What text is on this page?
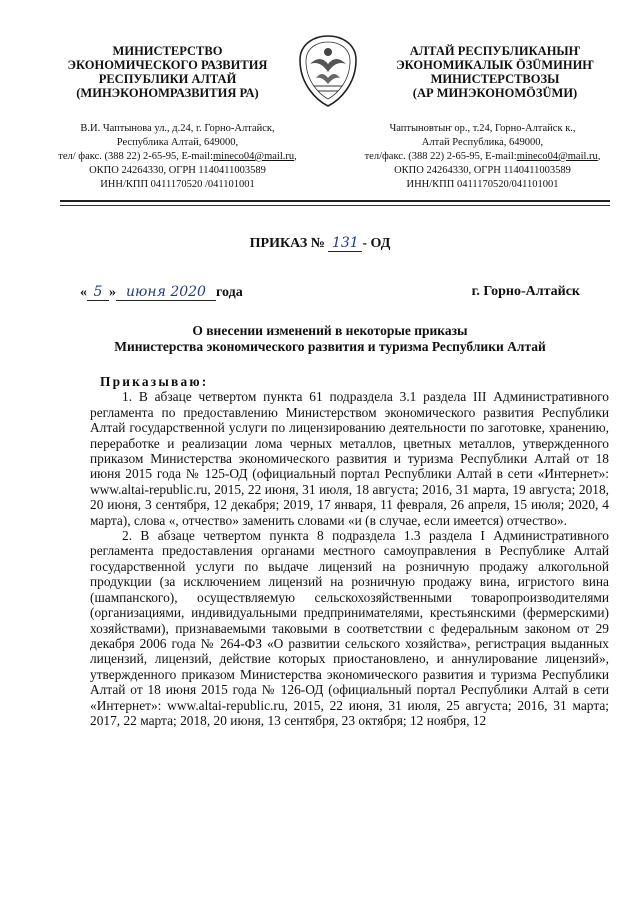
МИНИСТЕРСТВО
ЭКОНОМИЧЕСКОГО РАЗВИТИЯ
РЕСПУБЛИКИ АЛТАЙ
(МИНЭКОНОМРАЗВИТИЯ РА)
АЛТАЙ РЕСПУБЛИКАНЫҤ
ЭКОНОМИКАЛЫК ÖЗÜМИНИҤ
МИНИСТЕРСТВОЗЫ
(АР МИНЭКОНОМÖЗÜМИ)
В.И. Чаптынова ул., д.24, г. Горно-Алтайск,
Республика Алтай, 649000,
тел/ факс. (388 22) 2-65-95, E-mail:mineco04@mail.ru,
ОКПО 24264330, ОГРН 1140411003589
ИНН/КПП 0411170520 /041101001
Чаптыновтыҥ ор., т.24, Горно-Алтайск к.,
Алтай Республика, 649000,
тел/факс. (388 22) 2-65-95, E-mail:mineco04@mail.ru,
ОКПО 24264330, ОГРН 1140411003589
ИНН/КПП 0411170520/041101001
ПРИКАЗ № 131 - ОД
« 5 » июня 2020 года	г. Горно-Алтайск
О внесении изменений в некоторые приказы
Министерства экономического развития и туризма Республики Алтай
Приказываю:

1. В абзаце четвертом пункта 61 подраздела 3.1 раздела III Административного регламента по предоставлению Министерством экономического развития Республики Алтай государственной услуги по лицензированию деятельности по заготовке, хранению, переработке и реализации лома черных металлов, цветных металлов, утвержденного приказом Министерства экономического развития и туризма Республики Алтай от 18 июня 2015 года № 125-ОД (официальный портал Республики Алтай в сети «Интернет»: www.altai-republic.ru, 2015, 22 июня, 31 июля, 18 августа; 2016, 31 марта, 19 августа; 2018, 20 июня, 3 сентября, 12 декабря; 2019, 17 января, 11 февраля, 26 апреля, 15 июля; 2020, 4 марта), слова «, отчество» заменить словами «и (в случае, если имеется) отчество».

2. В абзаце четвертом пункта 8 подраздела 1.3 раздела I Административного регламента предоставления органами местного самоуправления в Республике Алтай государственной услуги по выдаче лицензий на розничную продажу алкогольной продукции (за исключением лицензий на розничную продажу вина, игристого вина (шампанского), осуществляемую сельскохозяйственными товаропроизводителями (организациями, индивидуальными предпринимателями, крестьянскими (фермерскими) хозяйствами), признаваемыми таковыми в соответствии с федеральным законом от 29 декабря 2006 года № 264-ФЗ «О развитии сельского хозяйства», регистрация выданных лицензий, лицензий, действие которых приостановлено, и аннулирование лицензий», утвержденного приказом Министерства экономического развития и туризма Республики Алтай от 18 июня 2015 года № 126-ОД (официальный портал Республики Алтай в сети «Интернет»: www.altai-republic.ru, 2015, 22 июня, 31 июля, 25 августа; 2016, 31 марта; 2017, 22 марта; 2018, 20 июня, 13 сентября, 23 октября; 12 ноября, 12
